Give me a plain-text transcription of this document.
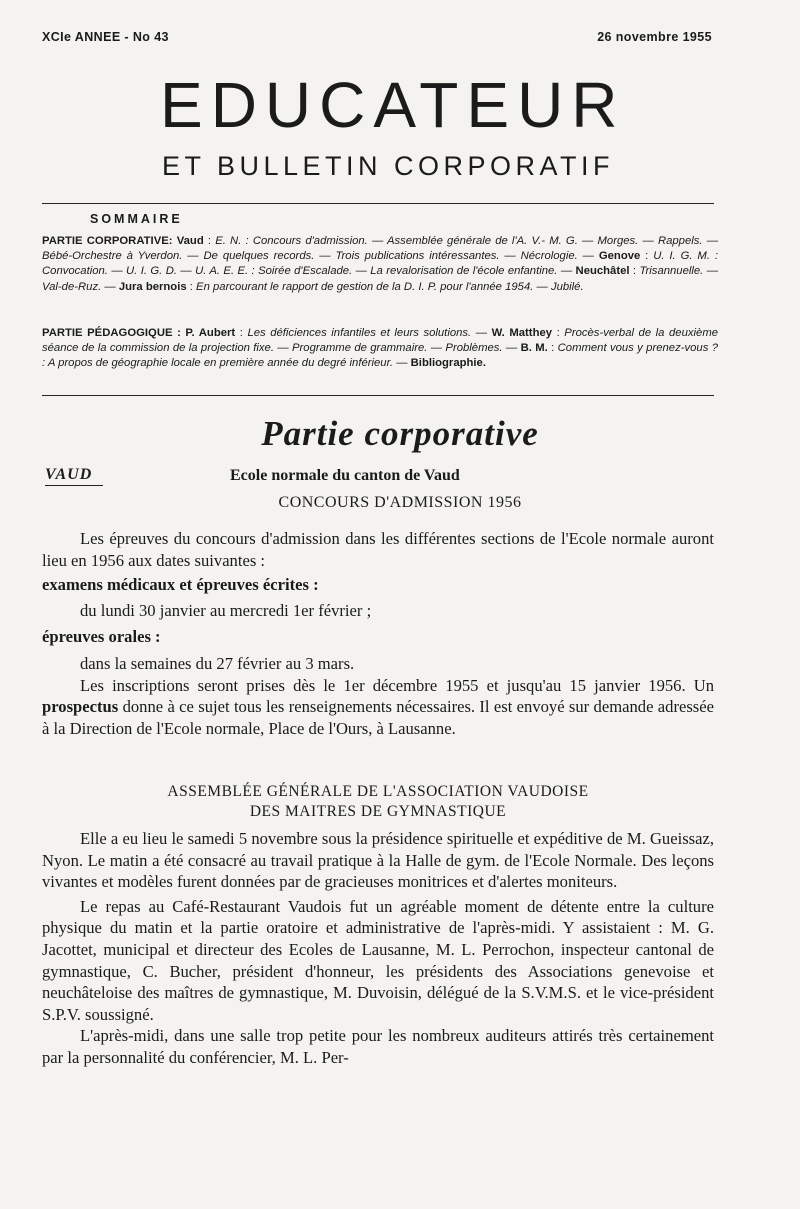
XCIe ANNEE - No 43	26 novembre 1955
EDUCATEUR
ET BULLETIN CORPORATIF
SOMMAIRE

PARTIE CORPORATIVE: Vaud : E. N. : Concours d'admission. — Assemblée générale de l'A. V.- M. G. — Morges. — Rappels. — Bébé-Orchestre à Yverdon. — De quelques records. — Trois publications intéressantes. — Nécrologie. — Genove : U. I. G. M. : Convocation. — U. I. G. D. — U. A. E. E. : Soirée d'Escalade. — La revalorisation de l'école enfantine. — Neuchâtel : Trisannuelle. — Val-de-Ruz. — Jura bernois : En parcourant le rapport de gestion de la D. I. P. pour l'année 1954. — Jubilé.

PARTIE PÉDAGOGIQUE : P. Aubert : Les déficiences infantiles et leurs solutions. — W. Matthey : Procès-verbal de la deuxième séance de la commission de la projection fixe. — Programme de grammaire. — Problèmes. — B. M. : Comment vous y prenez-vous ? : A propos de géographie locale en première année du degré inférieur. — Bibliographie.

Partie corporative
VAUD	Ecole normale du canton de Vaud
CONCOURS D'ADMISSION 1956

Les épreuves du concours d'admission dans les différentes sections de l'Ecole normale auront lieu en 1956 aux dates suivantes :

examens médicaux et épreuves écrites :

du lundi 30 janvier au mercredi 1er février ;

épreuves orales :

dans la semaines du 27 février au 3 mars.

Les inscriptions seront prises dès le 1er décembre 1955 et jusqu'au 15 janvier 1956. Un prospectus donne à ce sujet tous les renseignements nécessaires. Il est envoyé sur demande adressée à la Direction de l'Ecole normale, Place de l'Ours, à Lausanne.

ASSEMBLÉE GÉNÉRALE DE L'ASSOCIATION VAUDOISE
DES MAITRES DE GYMNASTIQUE

Elle a eu lieu le samedi 5 novembre sous la présidence spirituelle et expéditive de M. Gueissaz, Nyon. Le matin a été consacré au travail pratique à la Halle de gym. de l'Ecole Normale. Des leçons vivantes et modèles furent données par de gracieuses monitrices et d'alertes moniteurs.

Le repas au Café-Restaurant Vaudois fut un agréable moment de détente entre la culture physique du matin et la partie oratoire et administrative de l'après-midi. Y assistaient : M. G. Jacottet, municipal et directeur des Ecoles de Lausanne, M. L. Perrochon, inspecteur cantonal de gymnastique, C. Bucher, président d'honneur, les présidents des Associations genevoise et neuchâteloise des maîtres de gymnastique, M. Duvoisin, délégué de la S.V.M.S. et le vice-président S.P.V. soussigné.

L'après-midi, dans une salle trop petite pour les nombreux auditeurs attirés très certainement par la personnalité du conférencier, M. L. Per-
